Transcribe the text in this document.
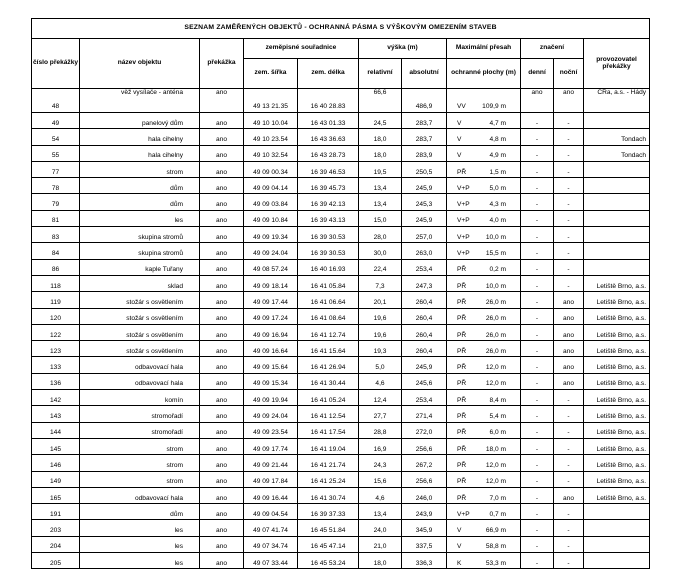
SEZNAM ZAMĚŘENÝCH OBJEKTŮ - OCHRANNÁ PÁSMA S VÝŠKOVÝM OMEZENÍM STAVEB											
číslo překážky	název objektu	překážka	zeměpisné souřadnice		výška (m)		Maximální přesah		značení		provozovatel překážky
			zem. šířka	zem. délka	relativní	absolutní	ochranné plochy (m)		denní	noční	
48	věž vysílače - anténa	ano	49 13 21.35	16 40 28.83	66,6	486,9	VV	109,9 m	ano	ano	ČRa, a.s. - Hády
49	panelový dům	ano	49 10 10.04	16 43 01.33	24,5	283,7	V	4,7 m	-	-	
54	hala cihelny	ano	49 10 23.54	16 43 36.63	18,0	283,7	V	4,8 m	-	-	Tondach
55	hala cihelny	ano	49 10 32.54	16 43 28.73	18,0	283,9	V	4,9 m	-	-	Tondach
77	strom	ano	49 09 00.34	16 39 46.53	19,5	250,5	PŘ	1,5 m	-	-	
78	dům	ano	49 09 04.14	16 39 45.73	13,4	245,9	V+P	5,0 m	-	-	
79	dům	ano	49 09 03.84	16 39 42.13	13,4	245,3	V+P	4,3 m	-	-	
81	les	ano	49 09 10.84	16 39 43.13	15,0	245,9	V+P	4,0 m	-	-	
83	skupina stromů	ano	49 09 19.34	16 39 30.53	28,0	257,0	V+P	10,0 m	-	-	
84	skupina stromů	ano	49 09 24.04	16 39 30.53	30,0	263,0	V+P	15,5 m	-	-	
86	kaple Tuřany	ano	49 08 57.24	16 40 16.93	22,4	253,4	PŘ	0,2 m	-	-	
118	sklad	ano	49 09 18.14	16 41 05.84	7,3	247,3	PŘ	10,0 m	-	-	Letiště Brno, a.s.
119	stožár s osvětlením	ano	49 09 17.44	16 41 06.64	20,1	260,4	PŘ	26,0 m	-	ano	Letiště Brno, a.s.
120	stožár s osvětlením	ano	49 09 17.24	16 41 08.64	19,6	260,4	PŘ	26,0 m	-	ano	Letiště Brno, a.s.
122	stožár s osvětlením	ano	49 09 16.94	16 41 12.74	19,6	260,4	PŘ	26,0 m	-	ano	Letiště Brno, a.s.
123	stožár s osvětlením	ano	49 09 16.64	16 41 15.64	19,3	260,4	PŘ	26,0 m	-	ano	Letiště Brno, a.s.
133	odbavovací hala	ano	49 09 15.64	16 41 26.94	5,0	245,9	PŘ	12,0 m	-	ano	Letiště Brno, a.s.
136	odbavovací hala	ano	49 09 15.34	16 41 30.44	4,6	245,6	PŘ	12,0 m	-	ano	Letiště Brno, a.s.
142	komín	ano	49 09 19.94	16 41 05.24	12,4	253,4	PŘ	8,4 m	-	-	Letiště Brno, a.s.
143	stromořadí	ano	49 09 24.04	16 41 12.54	27,7	271,4	PŘ	5,4 m	-	-	Letiště Brno, a.s.
144	stromořadí	ano	49 09 23.54	16 41 17.54	28,8	272,0	PŘ	6,0 m	-	-	Letiště Brno, a.s.
145	strom	ano	49 09 17.74	16 41 19.04	16,9	256,6	PŘ	18,0 m	-	-	Letiště Brno, a.s.
146	strom	ano	49 09 21.44	16 41 21.74	24,3	267,2	PŘ	12,0 m	-	-	Letiště Brno, a.s.
149	strom	ano	49 09 17.84	16 41 25.24	15,6	256,6	PŘ	12,0 m	-	-	Letiště Brno, a.s.
165	odbavovací hala	ano	49 09 16.44	16 41 30.74	4,6	246,0	PŘ	7,0 m	-	ano	Letiště Brno, a.s.
191	dům	ano	49 09 04.54	16 39 37.33	13,4	243,9	V+P	0,7 m	-	-	
203	les	ano	49 07 41.74	16 45 51.84	24,0	345,9	V	66,9 m	-	-	
204	les	ano	49 07 34.74	16 45 47.14	21,0	337,5	V	58,8 m	-	-	
205	les	ano	49 07 33.44	16 45 53.24	18,0	336,3	K	53,3 m	-	-	
